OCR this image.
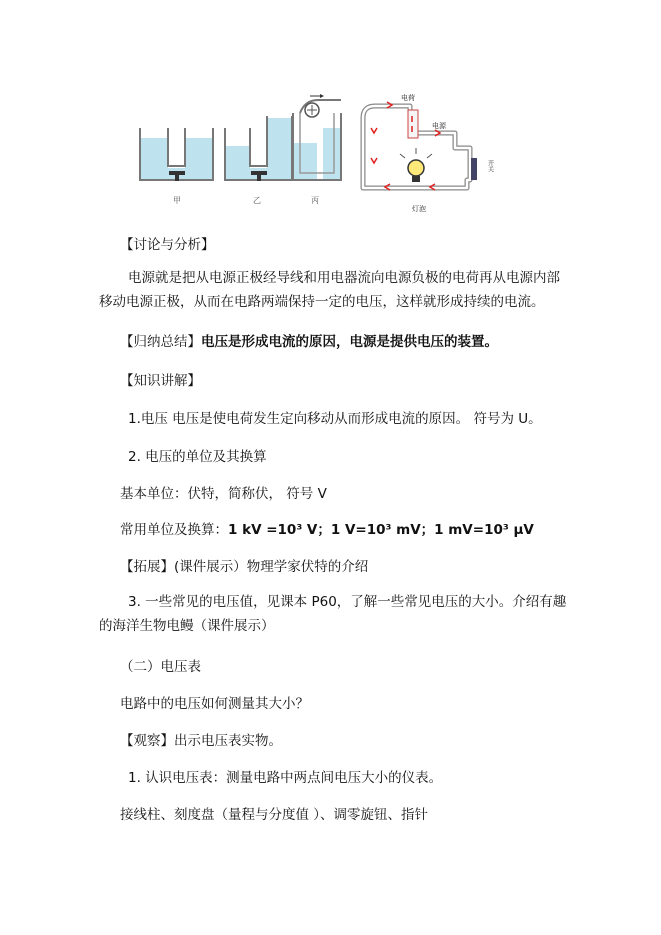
甲	乙	丙
电荷
电源
灯泡
开关
【讨论与分析】
电源就是把从电源正极经导线和用电器流向电源负极的电荷再从电源内部
移动电源正极，从而在电路两端保持一定的电压，这样就形成持续的电流。
【归纳总结】电压是形成电流的原因，电源是提供电压的装置。
【知识讲解】
1.电压 电压是使电荷发生定向移动从而形成电流的原因。 符号为 U。
2. 电压的单位及其换算
基本单位：伏特，简称伏， 符号 V
常用单位及换算：1 kV =10³ V；1 V=10³ mV；1 mV=10³ μV
【拓展】(课件展示）物理学家伏特的介绍
3. 一些常见的电压值，见课本 P60，了解一些常见电压的大小。介绍有趣
的海洋生物电鳗（课件展示）
（二）电压表
电路中的电压如何测量其大小？
【观察】出示电压表实物。
1. 认识电压表：测量电路中两点间电压大小的仪表。
接线柱、刻度盘（量程与分度值 ）、调零旋钮、指针
